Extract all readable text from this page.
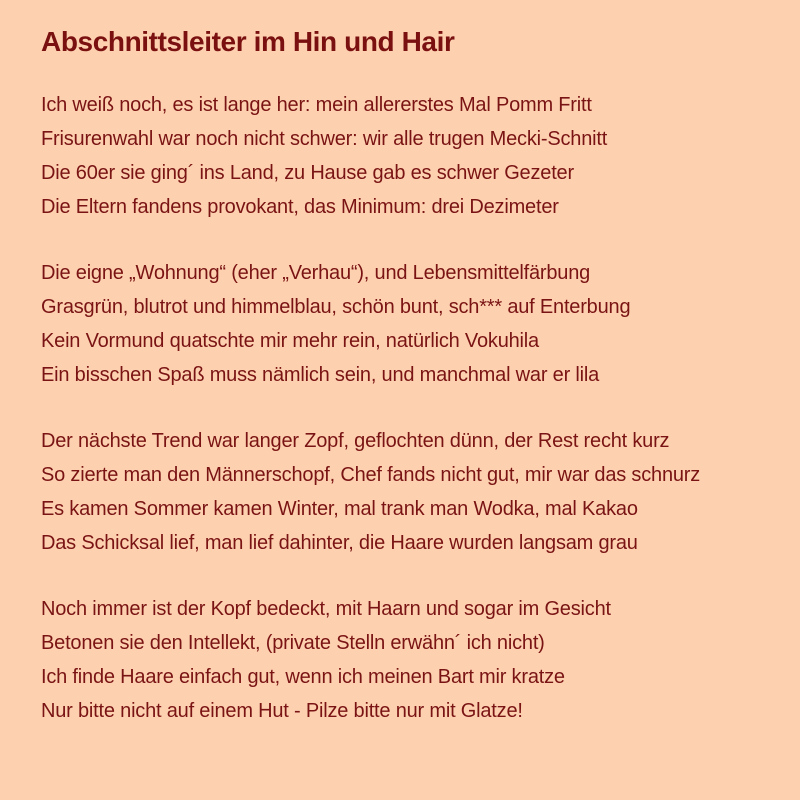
Abschnittsleiter im Hin und Hair
Ich weiß noch, es ist lange her: mein allererstes Mal Pomm Fritt
Frisurenwahl war noch nicht schwer: wir alle trugen Mecki-Schnitt
Die 60er sie ging´ ins Land, zu Hause gab es schwer Gezeter
Die Eltern fandens provokant, das Minimum: drei Dezimeter
Die eigne „Wohnung“ (eher „Verhau“), und Lebensmittelfärbung
Grasgrün, blutrot und himmelblau, schön bunt, sch*** auf Enterbung
Kein Vormund quatschte mir mehr rein, natürlich Vokuhila
Ein bisschen Spaß muss nämlich sein, und manchmal war er lila
Der nächste Trend war langer Zopf, geflochten dünn, der Rest recht kurz
So zierte man den Männerschopf, Chef fands nicht gut, mir war das schnurz
Es kamen Sommer kamen Winter, mal trank man Wodka, mal Kakao
Das Schicksal lief, man lief dahinter, die Haare wurden langsam grau
Noch immer ist der Kopf bedeckt, mit Haarn und sogar im Gesicht
Betonen sie den Intellekt, (private Stelln erwähn´ ich nicht)
Ich finde Haare einfach gut, wenn ich meinen Bart mir kratze
Nur bitte nicht auf einem Hut - Pilze bitte nur mit Glatze!
